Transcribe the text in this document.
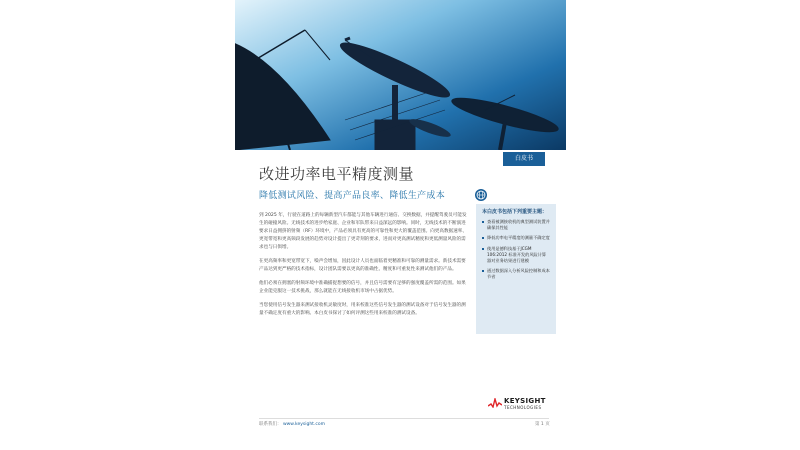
白皮书
改进功率电平精度测量
降低测试风险、提高产品良率、降低生产成本

到 2025 年，行驶在道路上的每辆新型汽车都能与其他车辆进行通信、交换数据，并提醒驾驶员可能发生的碰撞风险。无线技术的进步给家庭、企业和军队带来日益深远的影响。同时，无线技术的不断演进要求日益拥挤的射频（RF）环境中，产品必须具有更高的可靠性和更大的覆盖范围。向更高数据速率、更宽带宽和更高频段发展的趋势对设计提出了更苛刻的要求，进而对更高测试精度和更低测量风险的需求也与日俱增。

在更高频率和更宽带宽下，噪声会增加，因此设计人员也面临着更精准和可靠的测量需求。新技术需要产品达到更严格的技术指标，设计团队需要以更高的准确性、精度和可重复性来测试他们的产品。

他们必须在拥塞的射频环境中准确捕捉想要的信号，并且信号需要有足够的强度覆盖所需的范围。如果企业能克服这一技术挑战，那么就能在无线接收机市场中占据优势。

当您使用信号发生器来测试接收机灵敏度时，用来校准这些信号发生器的测试设备对于信号发生器的测量不确定度有重大的影响。本白皮书探讨了如何评测这些用来校准的测试设备。

本白皮书包括下列重要主题：
查看被测接收机的典型测试装置并确保其性能
降低功率电平精度的测量不确定度
使用是德科技基于JCGM 106:2012 标准开发的风险计算器对业务结果进行建模
通过数据深入分析风险控制和成本节省
KEYSIGHT
TECHNOLOGIES
联系我们： www.keysight.com	第 1 页
